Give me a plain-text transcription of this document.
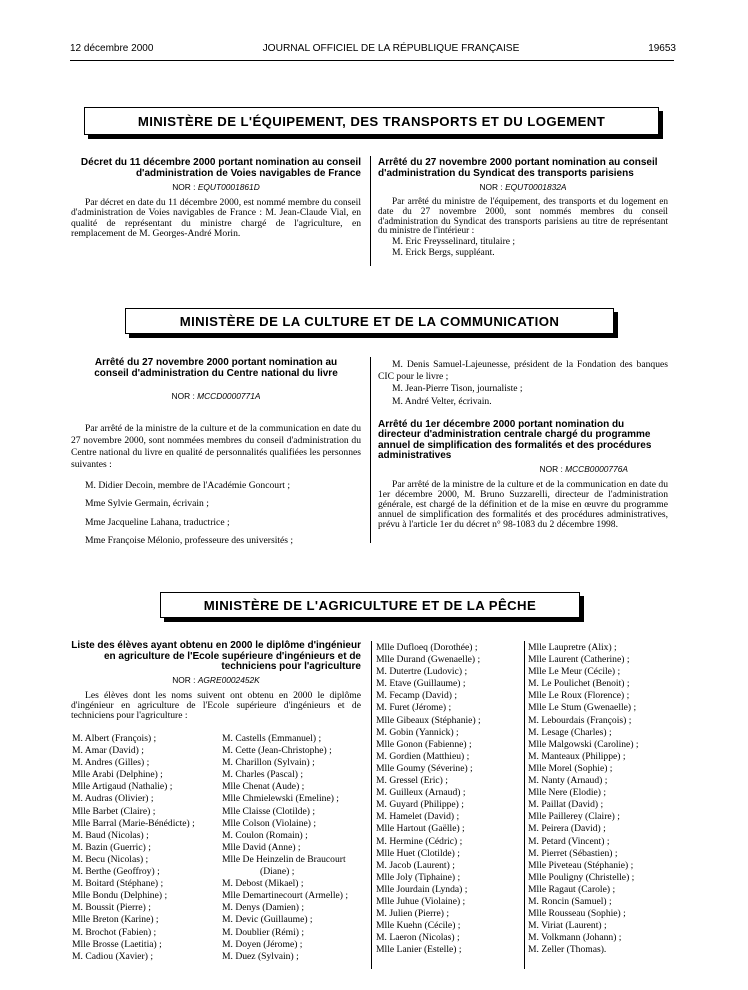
12 décembre 2000	JOURNAL OFFICIEL DE LA RÉPUBLIQUE FRANÇAISE	19653
MINISTÈRE DE L'ÉQUIPEMENT, DES TRANSPORTS ET DU LOGEMENT
Décret du 11 décembre 2000 portant nomination au conseil d'administration de Voies navigables de France
NOR : EQUT0001861D
Par décret en date du 11 décembre 2000, est nommé membre du conseil d'administration de Voies navigables de France : M. Jean-Claude Vial, en qualité de représentant du ministre chargé de l'agriculture, en remplacement de M. Georges-André Morin.
Arrêté du 27 novembre 2000 portant nomination au conseil d'administration du Syndicat des transports parisiens
NOR : EQUT0001832A
Par arrêté du ministre de l'équipement, des transports et du logement en date du 27 novembre 2000, sont nommés membres du conseil d'administration du Syndicat des transports parisiens au titre de représentant du ministre de l'intérieur :
M. Eric Freysselinard, titulaire ;
M. Erick Bergs, suppléant.
MINISTÈRE DE LA CULTURE ET DE LA COMMUNICATION
Arrêté du 27 novembre 2000 portant nomination au conseil d'administration du Centre national du livre
NOR : MCCD0000771A
Par arrêté de la ministre de la culture et de la communication en date du 27 novembre 2000, sont nommées membres du conseil d'administration du Centre national du livre en qualité de personnalités qualifiées les personnes suivantes :
M. Didier Decoin, membre de l'Académie Goncourt ;
Mme Sylvie Germain, écrivain ;
Mme Jacqueline Lahana, traductrice ;
Mme Françoise Mélonio, professeure des universités ;
M. Denis Samuel-Lajeunesse, président de la Fondation des banques CIC pour le livre ;
M. Jean-Pierre Tison, journaliste ;
M. André Velter, écrivain.
Arrêté du 1er décembre 2000 portant nomination du directeur d'administration centrale chargé du programme annuel de simplification des formalités et des procédures administratives
NOR : MCCB0000776A
Par arrêté de la ministre de la culture et de la communication en date du 1er décembre 2000, M. Bruno Suzzarelli, directeur de l'administration générale, est chargé de la définition et de la mise en œuvre du programme annuel de simplification des formalités et des procédures administratives, prévu à l'article 1er du décret n° 98-1083 du 2 décembre 1998.
MINISTÈRE DE L'AGRICULTURE ET DE LA PÊCHE
Liste des élèves ayant obtenu en 2000 le diplôme d'ingénieur en agriculture de l'Ecole supérieure d'ingénieurs et de techniciens pour l'agriculture
NOR : AGRE0002452K
Les élèves dont les noms suivent ont obtenu en 2000 le diplôme d'ingénieur en agriculture de l'Ecole supérieure d'ingénieurs et de techniciens pour l'agriculture :
M. Albert (François) ;
M. Amar (David) ;
M. Andres (Gilles) ;
Mlle Arabi (Delphine) ;
Mlle Artigaud (Nathalie) ;
M. Audras (Olivier) ;
Mlle Barbet (Claire) ;
Mlle Barral (Marie-Bénédicte) ;
M. Baud (Nicolas) ;
M. Bazin (Guerric) ;
M. Becu (Nicolas) ;
M. Berthe (Geoffroy) ;
M. Boitard (Stéphane) ;
Mlle Bondu (Delphine) ;
M. Boussit (Pierre) ;
Mlle Breton (Karine) ;
M. Brochot (Fabien) ;
Mlle Brosse (Laetitia) ;
M. Cadiou (Xavier) ;
M. Castells (Emmanuel) ;
M. Cette (Jean-Christophe) ;
M. Charillon (Sylvain) ;
M. Charles (Pascal) ;
Mlle Chenat (Aude) ;
Mlle Chmielewski (Emeline) ;
Mlle Claisse (Clotilde) ;
Mlle Colson (Violaine) ;
M. Coulon (Romain) ;
Mlle David (Anne) ;
Mlle De Heinzelin de Braucourt
(Diane) ;
M. Debost (Mikael) ;
Mlle Demartinecourt (Armelle) ;
M. Denys (Damien) ;
M. Devic (Guillaume) ;
M. Doublier (Rémi) ;
M. Doyen (Jérome) ;
M. Duez (Sylvain) ;
Mlle Dufloeq (Dorothée) ;
Mlle Durand (Gwenaelle) ;
M. Dutertre (Ludovic) ;
M. Etave (Guillaume) ;
M. Fecamp (David) ;
M. Furet (Jérome) ;
Mlle Gibeaux (Stéphanie) ;
M. Gobin (Yannick) ;
Mlle Gonon (Fabienne) ;
M. Gordien (Matthieu) ;
Mlle Goumy (Séverine) ;
M. Gressel (Eric) ;
M. Guilleux (Arnaud) ;
M. Guyard (Philippe) ;
M. Hamelet (David) ;
Mlle Hartout (Gaëlle) ;
M. Hermine (Cédric) ;
Mlle Huet (Clotilde) ;
M. Jacob (Laurent) ;
Mlle Joly (Tiphaine) ;
Mlle Jourdain (Lynda) ;
Mlle Juhue (Violaine) ;
M. Julien (Pierre) ;
Mlle Kuehn (Cécile) ;
M. Laeron (Nicolas) ;
Mlle Lanier (Estelle) ;
Mlle Laupretre (Alix) ;
Mlle Laurent (Catherine) ;
Mlle Le Meur (Cécile) ;
M. Le Poulichet (Benoit) ;
Mlle Le Roux (Florence) ;
Mlle Le Stum (Gwenaelle) ;
M. Lebourdais (François) ;
M. Lesage (Charles) ;
Mlle Malgowski (Caroline) ;
M. Manteaux (Philippe) ;
Mlle Morel (Sophie) ;
M. Nanty (Arnaud) ;
Mlle Nere (Elodie) ;
M. Paillat (David) ;
Mlle Paillerey (Claire) ;
M. Peirera (David) ;
M. Petard (Vincent) ;
M. Pierret (Sébastien) ;
Mlle Piveteau (Stéphanie) ;
Mlle Pouligny (Christelle) ;
Mlle Ragaut (Carole) ;
M. Roncin (Samuel) ;
Mlle Rousseau (Sophie) ;
M. Viriat (Laurent) ;
M. Volkmann (Johann) ;
M. Zeller (Thomas).
